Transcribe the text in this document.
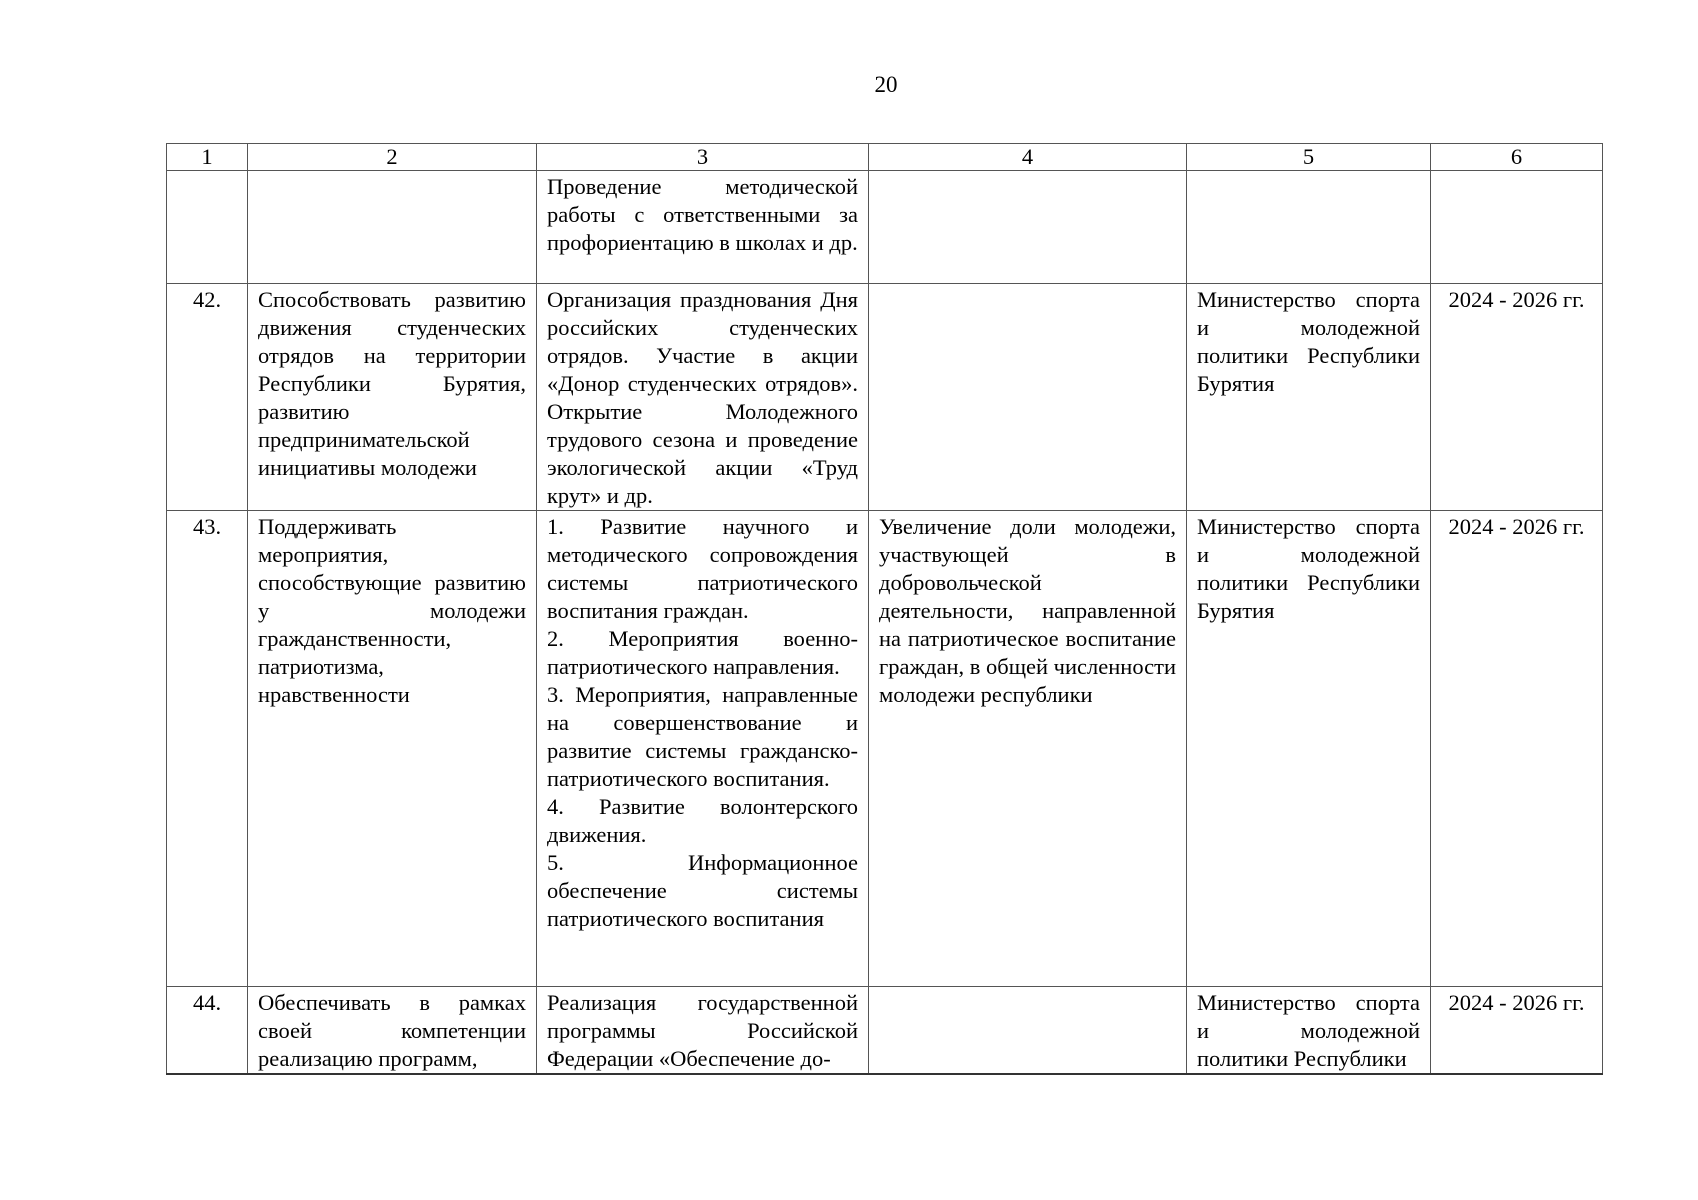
20
1	2	3	4	5	6

		Проведение методической работы с ответственными за профориентацию в школах и др.			

42.	Способствовать развитию движения студенческих отрядов на территории Республики Бурятия, развитию предпринимательской инициативы молодежи	Организация празднования Дня российских студенческих отрядов. Участие в акции «Донор студенческих отрядов». Открытие Молодежного трудового сезона и проведение экологической акции «Труд крут» и др.		Министерство спорта и молодежной политики Республики Бурятия	2024 - 2026 гг.
43.	Поддерживать мероприятия, способствующие развитию у молодежи гражданственности, патриотизма, нравственности	1. Развитие научного и методического сопровождения системы патриотического воспитания граждан.
2. Мероприятия военно-патриотического направления.
3. Мероприятия, направленные на совершенствование и развитие системы гражданско-патриотического воспитания.
4. Развитие волонтерского движения.
5. Информационное обеспечение системы патриотического воспитания	Увеличение доли молодежи, участвующей в добровольческой деятельности, направленной на патриотическое воспитание граждан, в общей численности молодежи республики	Министерство спорта и молодежной политики Республики Бурятия	2024 - 2026 гг.
44.	Обеспечивать в рамках своей компетенции реализацию программ,	Реализация государственной программы Российской Федерации «Обеспечение до-		Министерство спорта и молодежной политики Республики	2024 - 2026 гг.
